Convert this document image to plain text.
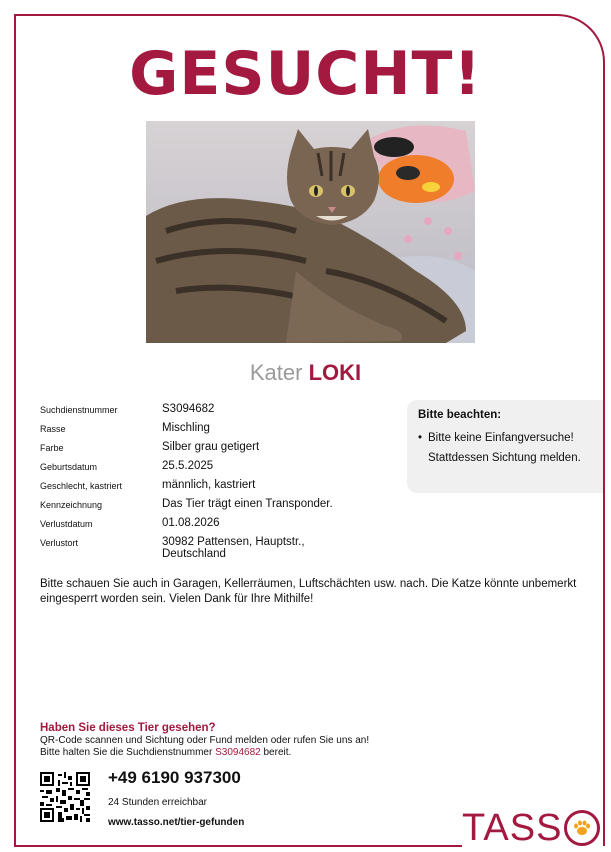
GESUCHT!
Kater LOKI
Suchdienstnummer	S3094682
Rasse	Mischling
Farbe	Silber grau getigert
Geburtsdatum	25.5.2025
Geschlecht, kastriert	männlich, kastriert
Kennzeichnung	Das Tier trägt einen Transponder.
Verlustdatum	01.08.2026
Verlustort	30982 Pattensen, Hauptstr.,
Deutschland
Bitte beachten:
• Bitte keine Einfangversuche! Stattdessen Sichtung melden.
Bitte schauen Sie auch in Garagen, Kellerräumen, Luftschächten usw. nach. Die Katze könnte unbemerkt eingesperrt worden sein. Vielen Dank für Ihre Mithilfe!
Haben Sie dieses Tier gesehen?
QR-Code scannen und Sichtung oder Fund melden oder rufen Sie uns an!
Bitte halten Sie die Suchdienstnummer S3094682 bereit.
+49 6190 937300
24 Stunden erreichbar
www.tasso.net/tier-gefunden	TASS
